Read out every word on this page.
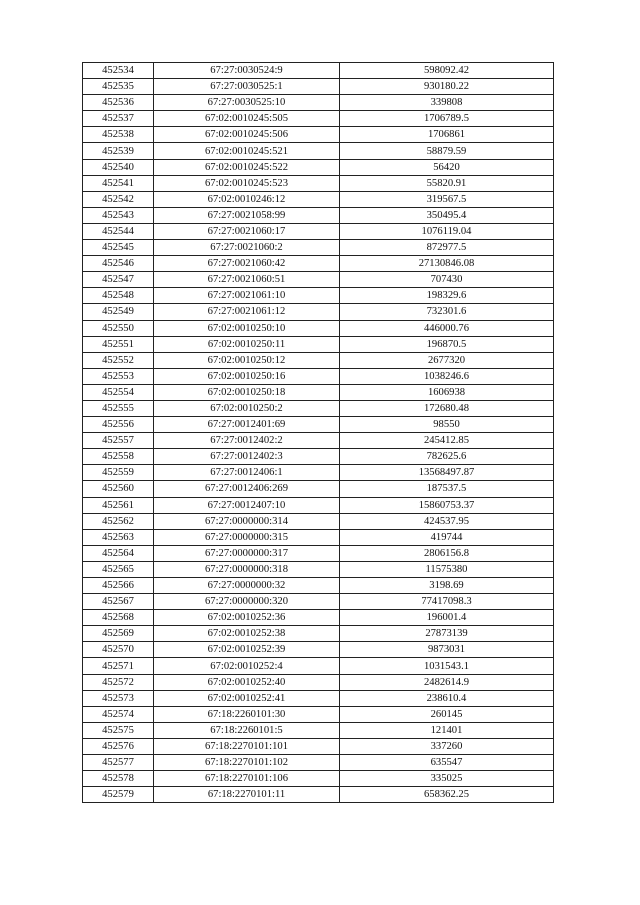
452534	67:27:0030524:9	598092.42
452535	67:27:0030525:1	930180.22
452536	67:27:0030525:10	339808
452537	67:02:0010245:505	1706789.5
452538	67:02:0010245:506	1706861
452539	67:02:0010245:521	58879.59
452540	67:02:0010245:522	56420
452541	67:02:0010245:523	55820.91
452542	67:02:0010246:12	319567.5
452543	67:27:0021058:99	350495.4
452544	67:27:0021060:17	1076119.04
452545	67:27:0021060:2	872977.5
452546	67:27:0021060:42	27130846.08
452547	67:27:0021060:51	707430
452548	67:27:0021061:10	198329.6
452549	67:27:0021061:12	732301.6
452550	67:02:0010250:10	446000.76
452551	67:02:0010250:11	196870.5
452552	67:02:0010250:12	2677320
452553	67:02:0010250:16	1038246.6
452554	67:02:0010250:18	1606938
452555	67:02:0010250:2	172680.48
452556	67:27:0012401:69	98550
452557	67:27:0012402:2	245412.85
452558	67:27:0012402:3	782625.6
452559	67:27:0012406:1	13568497.87
452560	67:27:0012406:269	187537.5
452561	67:27:0012407:10	15860753.37
452562	67:27:0000000:314	424537.95
452563	67:27:0000000:315	419744
452564	67:27:0000000:317	2806156.8
452565	67:27:0000000:318	11575380
452566	67:27:0000000:32	3198.69
452567	67:27:0000000:320	77417098.3
452568	67:02:0010252:36	196001.4
452569	67:02:0010252:38	27873139
452570	67:02:0010252:39	9873031
452571	67:02:0010252:4	1031543.1
452572	67:02:0010252:40	2482614.9
452573	67:02:0010252:41	238610.4
452574	67:18:2260101:30	260145
452575	67:18:2260101:5	121401
452576	67:18:2270101:101	337260
452577	67:18:2270101:102	635547
452578	67:18:2270101:106	335025
452579	67:18:2270101:11	658362.25
